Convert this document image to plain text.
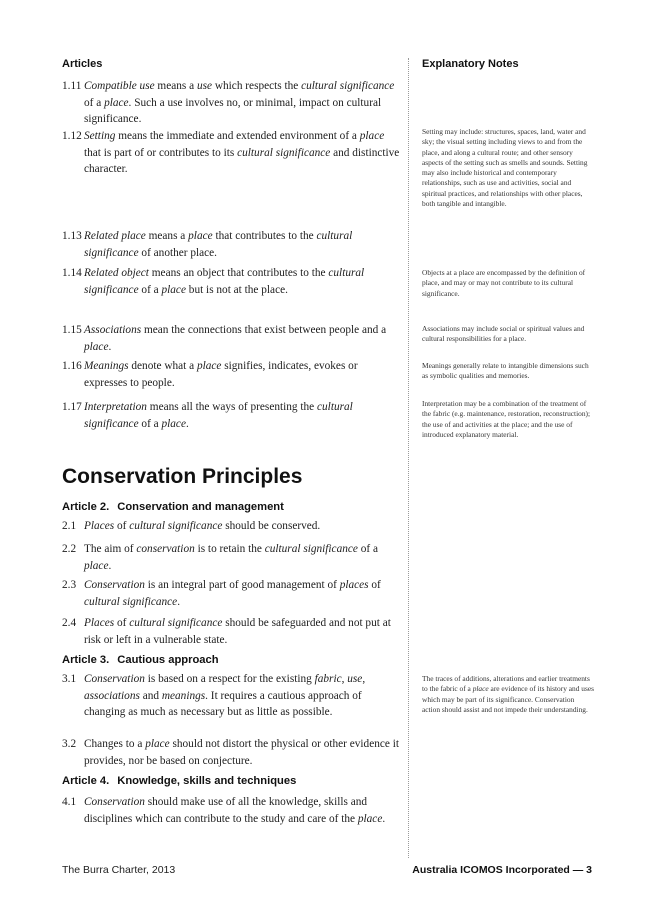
Articles	Explanatory Notes
1.11 Compatible use means a use which respects the cultural significance of a place. Such a use involves no, or minimal, impact on cultural significance.
1.12 Setting means the immediate and extended environment of a place that is part of or contributes to its cultural significance and distinctive character.
Setting may include: structures, spaces, land, water and sky; the visual setting including views to and from the place, and along a cultural route; and other sensory aspects of the setting such as smells and sounds. Setting may also include historical and contemporary relationships, such as use and activities, social and spiritual practices, and relationships with other places, both tangible and intangible.
1.13 Related place means a place that contributes to the cultural significance of another place.
1.14 Related object means an object that contributes to the cultural significance of a place but is not at the place.
Objects at a place are encompassed by the definition of place, and may or may not contribute to its cultural significance.
1.15 Associations mean the connections that exist between people and a place.
Associations may include social or spiritual values and cultural responsibilities for a place.
1.16 Meanings denote what a place signifies, indicates, evokes or expresses to people.
Meanings generally relate to intangible dimensions such as symbolic qualities and memories.
1.17 Interpretation means all the ways of presenting the cultural significance of a place.
Interpretation may be a combination of the treatment of the fabric (e.g. maintenance, restoration, reconstruction); the use of and activities at the place; and the use of introduced explanatory material.
Conservation Principles
Article 2. Conservation and management
2.1 Places of cultural significance should be conserved.
2.2 The aim of conservation is to retain the cultural significance of a place.
2.3 Conservation is an integral part of good management of places of cultural significance.
2.4 Places of cultural significance should be safeguarded and not put at risk or left in a vulnerable state.
Article 3. Cautious approach
3.1 Conservation is based on a respect for the existing fabric, use, associations and meanings. It requires a cautious approach of changing as much as necessary but as little as possible.
The traces of additions, alterations and earlier treatments to the fabric of a place are evidence of its history and uses which may be part of its significance. Conservation action should assist and not impede their understanding.
3.2 Changes to a place should not distort the physical or other evidence it provides, nor be based on conjecture.
Article 4. Knowledge, skills and techniques
4.1 Conservation should make use of all the knowledge, skills and disciplines which can contribute to the study and care of the place.
The Burra Charter, 2013	Australia ICOMOS Incorporated — 3
